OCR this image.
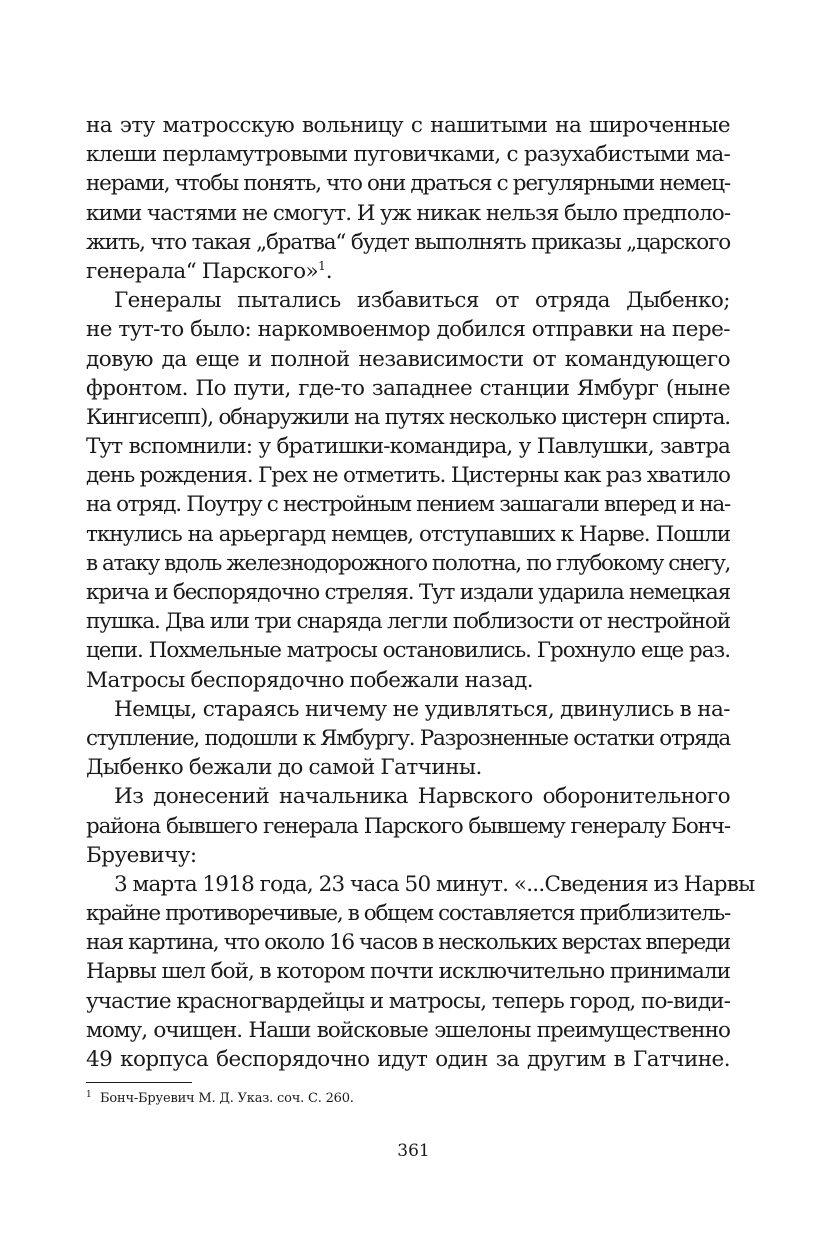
на эту матросскую вольницу с нашитыми на широченные
клеши перламутровыми пуговичками, с разухабистыми ма-
нерами, чтобы понять, что они драться с регулярными немец-
кими частями не смогут. И уж никак нельзя было предполо-
жить, что такая „братва“ будет выполнять приказы „царского
генерала“ Парского»$^1$.
Генералы пытались избавиться от отряда Дыбенко;
не тут-то было: наркомвоенмор добился отправки на пере-
довую да еще и полной независимости от командующего
фронтом. По пути, где-то западнее станции Ямбург (ныне
Кингисепп), обнаружили на путях несколько цистерн спирта.
Тут вспомнили: у братишки-командира, у Павлушки, завтра
день рождения. Грех не отметить. Цистерны как раз хватило
на отряд. Поутру с нестройным пением зашагали вперед и на-
ткнулись на арьергард немцев, отступавших к Нарве. Пошли
в атаку вдоль железнодорожного полотна, по глубокому снегу,
крича и беспорядочно стреляя. Тут издали ударила немецкая
пушка. Два или три снаряда легли поблизости от нестройной
цепи. Похмельные матросы остановились. Грохнуло еще раз.
Матросы беспорядочно побежали назад.
Немцы, стараясь ничему не удивляться, двинулись в на-
ступление, подошли к Ямбургу. Разрозненные остатки отряда
Дыбенко бежали до самой Гатчины.
Из донесений начальника Нарвского оборонительного
района бывшего генерала Парского бывшему генералу Бонч-
Бруевичу:
3 марта 1918 года, 23 часа 50 минут. «...Сведения из Нарвы
крайне противоречивые, в общем составляется приблизитель-
ная картина, что около 16 часов в нескольких верстах впереди
Нарвы шел бой, в котором почти исключительно принимали
участие красногвардейцы и матросы, теперь город, по-види-
мому, очищен. Наши войсковые эшелоны преимущественно
49 корпуса беспорядочно идут один за другим в Гатчине.
1 Бонч-Бруевич М. Д. Указ. соч. С. 260.
361
